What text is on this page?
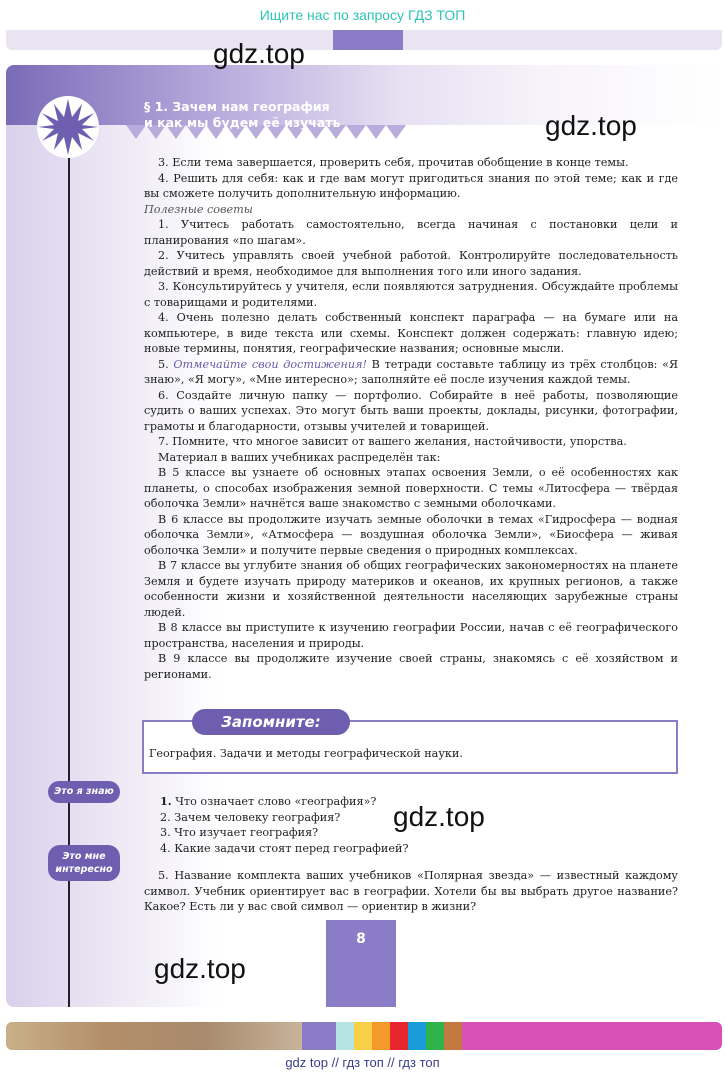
Ищите нас по запросу ГДЗ ТОП
§ 1. Зачем нам география
и как мы будем её изучать

3. Если тема завершается, проверить себя, прочитав обобщение в конце темы.

4. Решить для себя: как и где вам могут пригодиться знания по этой теме; как и где вы сможете получить дополнительную информацию.

Полезные советы

1. Учитесь работать самостоятельно, всегда начиная с постановки цели и планирования «по шагам».

2. Учитесь управлять своей учебной работой. Контролируйте последовательность действий и время, необходимое для выполнения того или иного задания.

3. Консультируйтесь у учителя, если появляются затруднения. Обсуждайте проблемы с товарищами и родителями.

4. Очень полезно делать собственный конспект параграфа — на бумаге или на компьютере, в виде текста или схемы. Конспект должен содержать: главную идею; новые термины, понятия, географические названия; основные мысли.

5. Отмечайте свои достижения! В тетради составьте таблицу из трёх столбцов: «Я знаю», «Я могу», «Мне интересно»; заполняйте её после изучения каждой темы.

6. Создайте личную папку — портфолио. Собирайте в неё работы, позволяющие судить о ваших успехах. Это могут быть ваши проекты, доклады, рисунки, фотографии, грамоты и благодарности, отзывы учителей и товарищей.

7. Помните, что многое зависит от вашего желания, настойчивости, упорства.

Материал в ваших учебниках распределён так:

В 5 классе вы узнаете об основных этапах освоения Земли, о её особенностях как планеты, о способах изображения земной поверхности. С темы «Литосфера — твёрдая оболочка Земли» начнётся ваше знакомство с земными оболочками.

В 6 классе вы продолжите изучать земные оболочки в темах «Гидросфера — водная оболочка Земли», «Атмосфера — воздушная оболочка Земли», «Биосфера — живая оболочка Земли» и получите первые сведения о природных комплексах.

В 7 классе вы углубите знания об общих географических закономерностях на планете Земля и будете изучать природу материков и океанов, их крупных регионов, а также особенности жизни и хозяйственной деятельности населяющих зарубежные страны людей.

В 8 классе вы приступите к изучению географии России, начав с её географического пространства, населения и природы.

В 9 классе вы продолжите изучение своей страны, знакомясь с её хозяйством и регионами.

Запомните:
География. Задачи и методы географической науки.
Это я знаю
Это мне
интересно
1. Что означает слово «география»?
2. Зачем человеку география?
3. Что изучает география?
4. Какие задачи стоят перед географией?
5. Название комплекта ваших учебников «Полярная звезда» — известный каждому символ. Учебник ориентирует вас в географии. Хотели бы вы выбрать другое название? Какое? Есть ли у вас свой символ — ориентир в жизни?
8
gdz.top
gdz.top
gdz.top
gdz.top
gdz top // гдз топ // гдз топ
